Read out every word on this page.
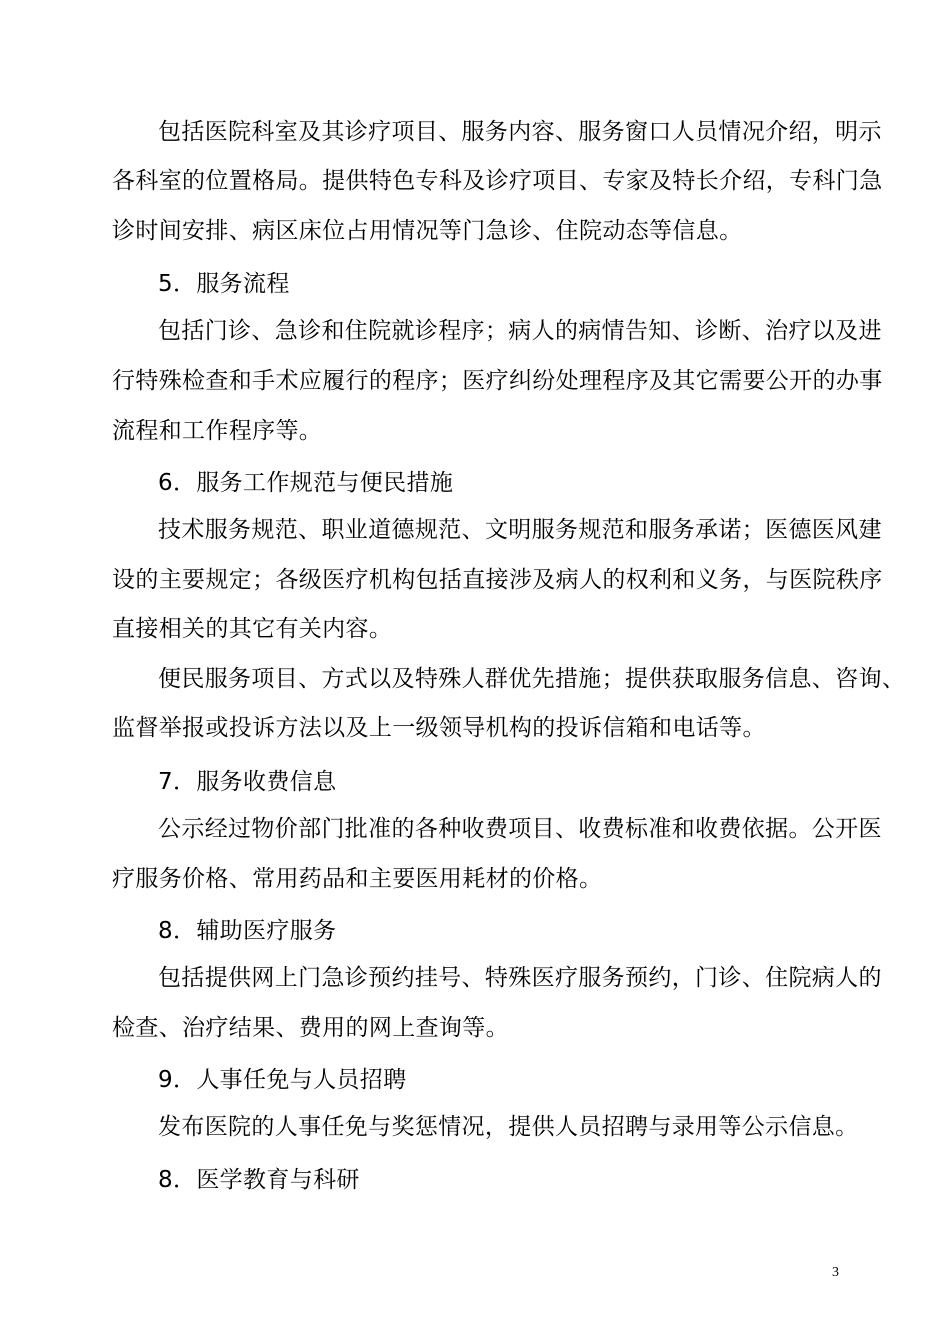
包括医院科室及其诊疗项目、服务内容、服务窗口人员情况介绍，明示
各科室的位置格局。提供特色专科及诊疗项目、专家及特长介绍，专科门急
诊时间安排、病区床位占用情况等门急诊、住院动态等信息。
5．服务流程
包括门诊、急诊和住院就诊程序；病人的病情告知、诊断、治疗以及进
行特殊检查和手术应履行的程序；医疗纠纷处理程序及其它需要公开的办事
流程和工作程序等。
6．服务工作规范与便民措施
技术服务规范、职业道德规范、文明服务规范和服务承诺；医德医风建
设的主要规定；各级医疗机构包括直接涉及病人的权利和义务，与医院秩序
直接相关的其它有关内容。
便民服务项目、方式以及特殊人群优先措施；提供获取服务信息、咨询、
监督举报或投诉方法以及上一级领导机构的投诉信箱和电话等。
7．服务收费信息
公示经过物价部门批准的各种收费项目、收费标准和收费依据。公开医
疗服务价格、常用药品和主要医用耗材的价格。
8．辅助医疗服务
包括提供网上门急诊预约挂号、特殊医疗服务预约，门诊、住院病人的
检查、治疗结果、费用的网上查询等。
9．人事任免与人员招聘
发布医院的人事任免与奖惩情况，提供人员招聘与录用等公示信息。
8．医学教育与科研
3
